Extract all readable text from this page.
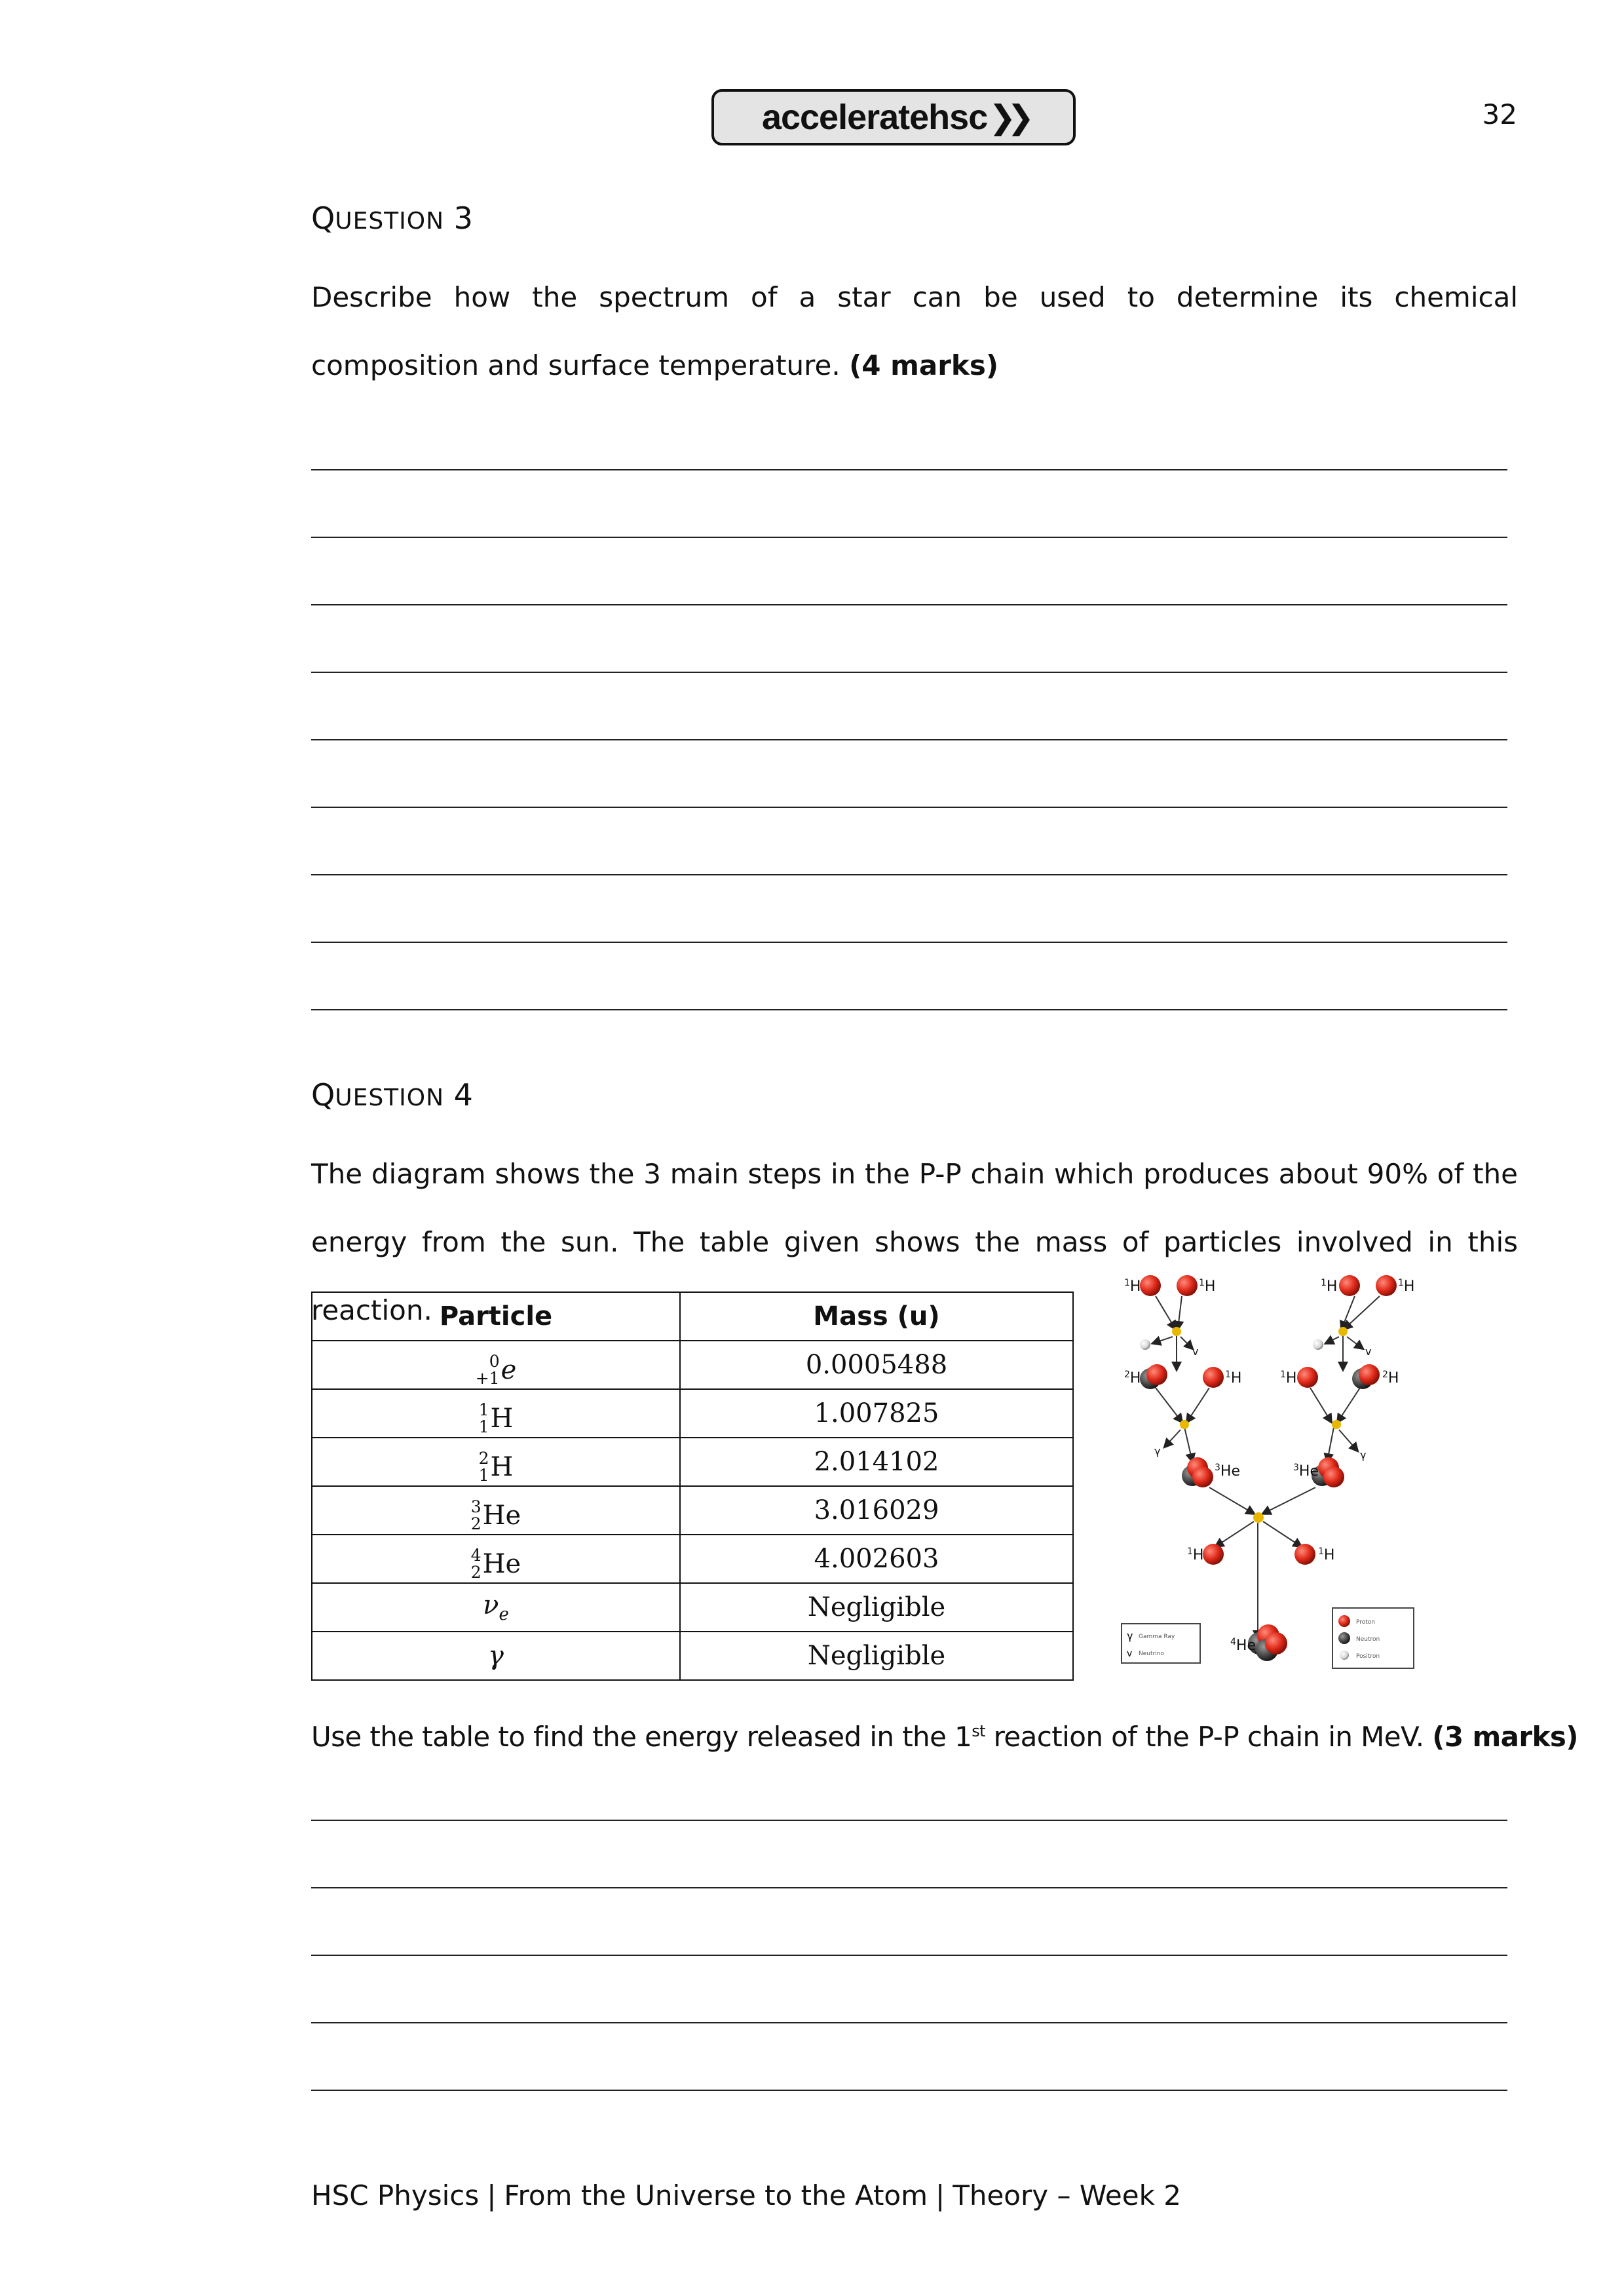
acceleratehsc ❯❯	32
QUESTION 3
Describe how the spectrum of a star can be used to determine its chemical composition and surface temperature. (4 marks)
QUESTION 4
The diagram shows the 3 main steps in the P-P chain which produces about 90% of the energy from the sun. The table given shows the mass of particles involved in this reaction. Particle	Mass (u)

0
+1 e	0.0005488

1
1 H	1.007825

2
1 H	2.014102

3
2 He	3.016029

4
2 He	4.002603
$\nu_e$	Negligible
γ	Negligible
$^1$H	$^1$H	$^1$H	$^1$H
v	v
$^2$H	$^1$H	$^1$H	$^2$H
γ	γ
$^3$He	$^3$He
$^1$H	$^1$H
$^4$He
γ Gamma Ray
v Neutrino
Proton
Neutron
Positron
Use the table to find the energy released in the 1st reaction of the P-P chain in MeV. (3 marks)
HSC Physics | From the Universe to the Atom | Theory – Week 2
